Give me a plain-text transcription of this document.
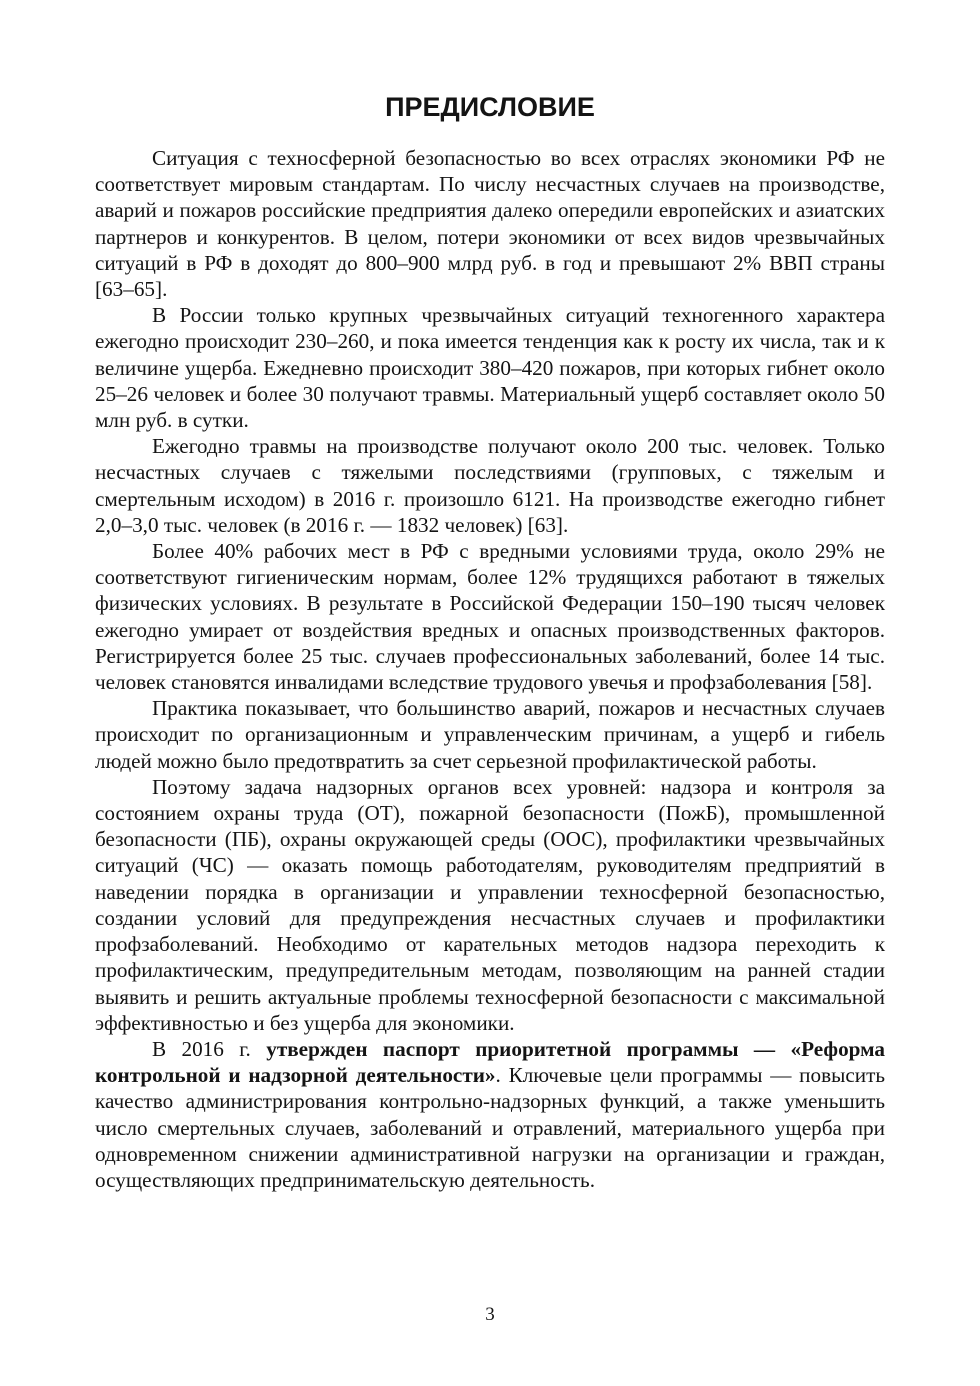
ПРЕДИСЛОВИЕ

Ситуация с техносферной безопасностью во всех отраслях экономики РФ не соответствует мировым стандартам. По числу несчастных случаев на производстве, аварий и пожаров российские предприятия далеко опередили европейских и азиатских партнеров и конкурентов. В целом, потери экономики от всех видов чрезвычайных ситуаций в РФ в доходят до 800–900 млрд руб. в год и превышают 2% ВВП страны [63–65].

В России только крупных чрезвычайных ситуаций техногенного характера ежегодно происходит 230–260, и пока имеется тенденция как к росту их числа, так и к величине ущерба. Ежедневно происходит 380–420 пожаров, при которых гибнет около 25–26 человек и более 30 получают травмы. Материальный ущерб составляет около 50 млн руб. в сутки.

Ежегодно травмы на производстве получают около 200 тыс. человек. Только несчастных случаев с тяжелыми последствиями (групповых, с тяжелым и смертельным исходом) в 2016 г. произошло 6121. На производстве ежегодно гибнет 2,0–3,0 тыс. человек (в 2016 г. — 1832 человек) [63].

Более 40% рабочих мест в РФ с вредными условиями труда, около 29% не соответствуют гигиеническим нормам, более 12% трудящихся работают в тяжелых физических условиях. В результате в Российской Федерации 150–190 тысяч человек ежегодно умирает от воздействия вредных и опасных производственных факторов. Регистрируется более 25 тыс. случаев профессиональных заболеваний, более 14 тыс. человек становятся инвалидами вследствие трудового увечья и профзаболевания [58].

Практика показывает, что большинство аварий, пожаров и несчастных случаев происходит по организационным и управленческим причинам, а ущерб и гибель людей можно было предотвратить за счет серьезной профилактической работы.

Поэтому задача надзорных органов всех уровней: надзора и контроля за состоянием охраны труда (ОТ), пожарной безопасности (ПожБ), промышленной безопасности (ПБ), охраны окружающей среды (ООС), профилактики чрезвычайных ситуаций (ЧС) — оказать помощь работодателям, руководителям предприятий в наведении порядка в организации и управлении техносферной безопасностью, создании условий для предупреждения несчастных случаев и профилактики профзаболеваний. Необходимо от карательных методов надзора переходить к профилактическим, предупредительным методам, позволяющим на ранней стадии выявить и решить актуальные проблемы техносферной безопасности с максимальной эффективностью и без ущерба для экономики.

В 2016 г. утвержден паспорт приоритетной программы — «Реформа контрольной и надзорной деятельности». Ключевые цели программы — повысить качество администрирования контрольно-надзорных функций, а также уменьшить число смертельных случаев, заболеваний и отравлений, материального ущерба при одновременном снижении административной нагрузки на организации и граждан, осуществляющих предпринимательскую деятельность.

3
